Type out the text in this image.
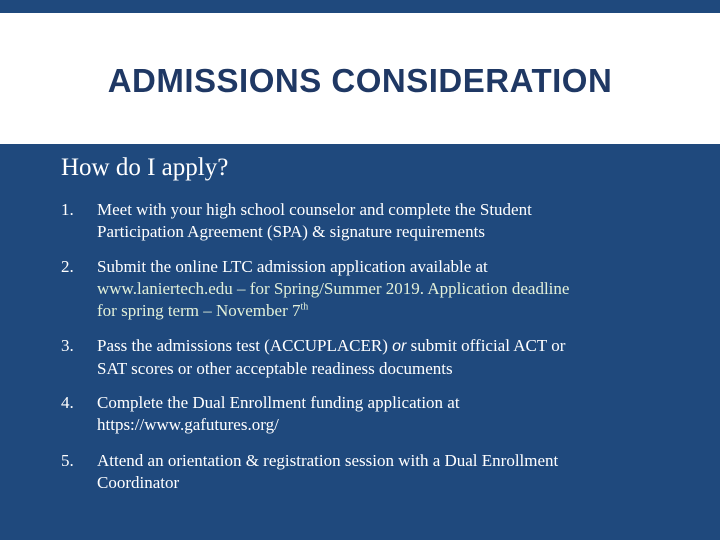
ADMISSIONS CONSIDERATION
How do I apply?
1. Meet with your high school counselor and complete the Student
Participation Agreement (SPA) & signature requirements
2. Submit the online LTC admission application available at
www.laniertech.edu – for Spring/Summer 2019. Application deadline
for spring term – November 7th
3. Pass the admissions test (ACCUPLACER) or submit official ACT or
SAT scores or other acceptable readiness documents
4. Complete the Dual Enrollment funding application at
https://www.gafutures.org/
5. Attend an orientation & registration session with a Dual Enrollment
Coordinator
